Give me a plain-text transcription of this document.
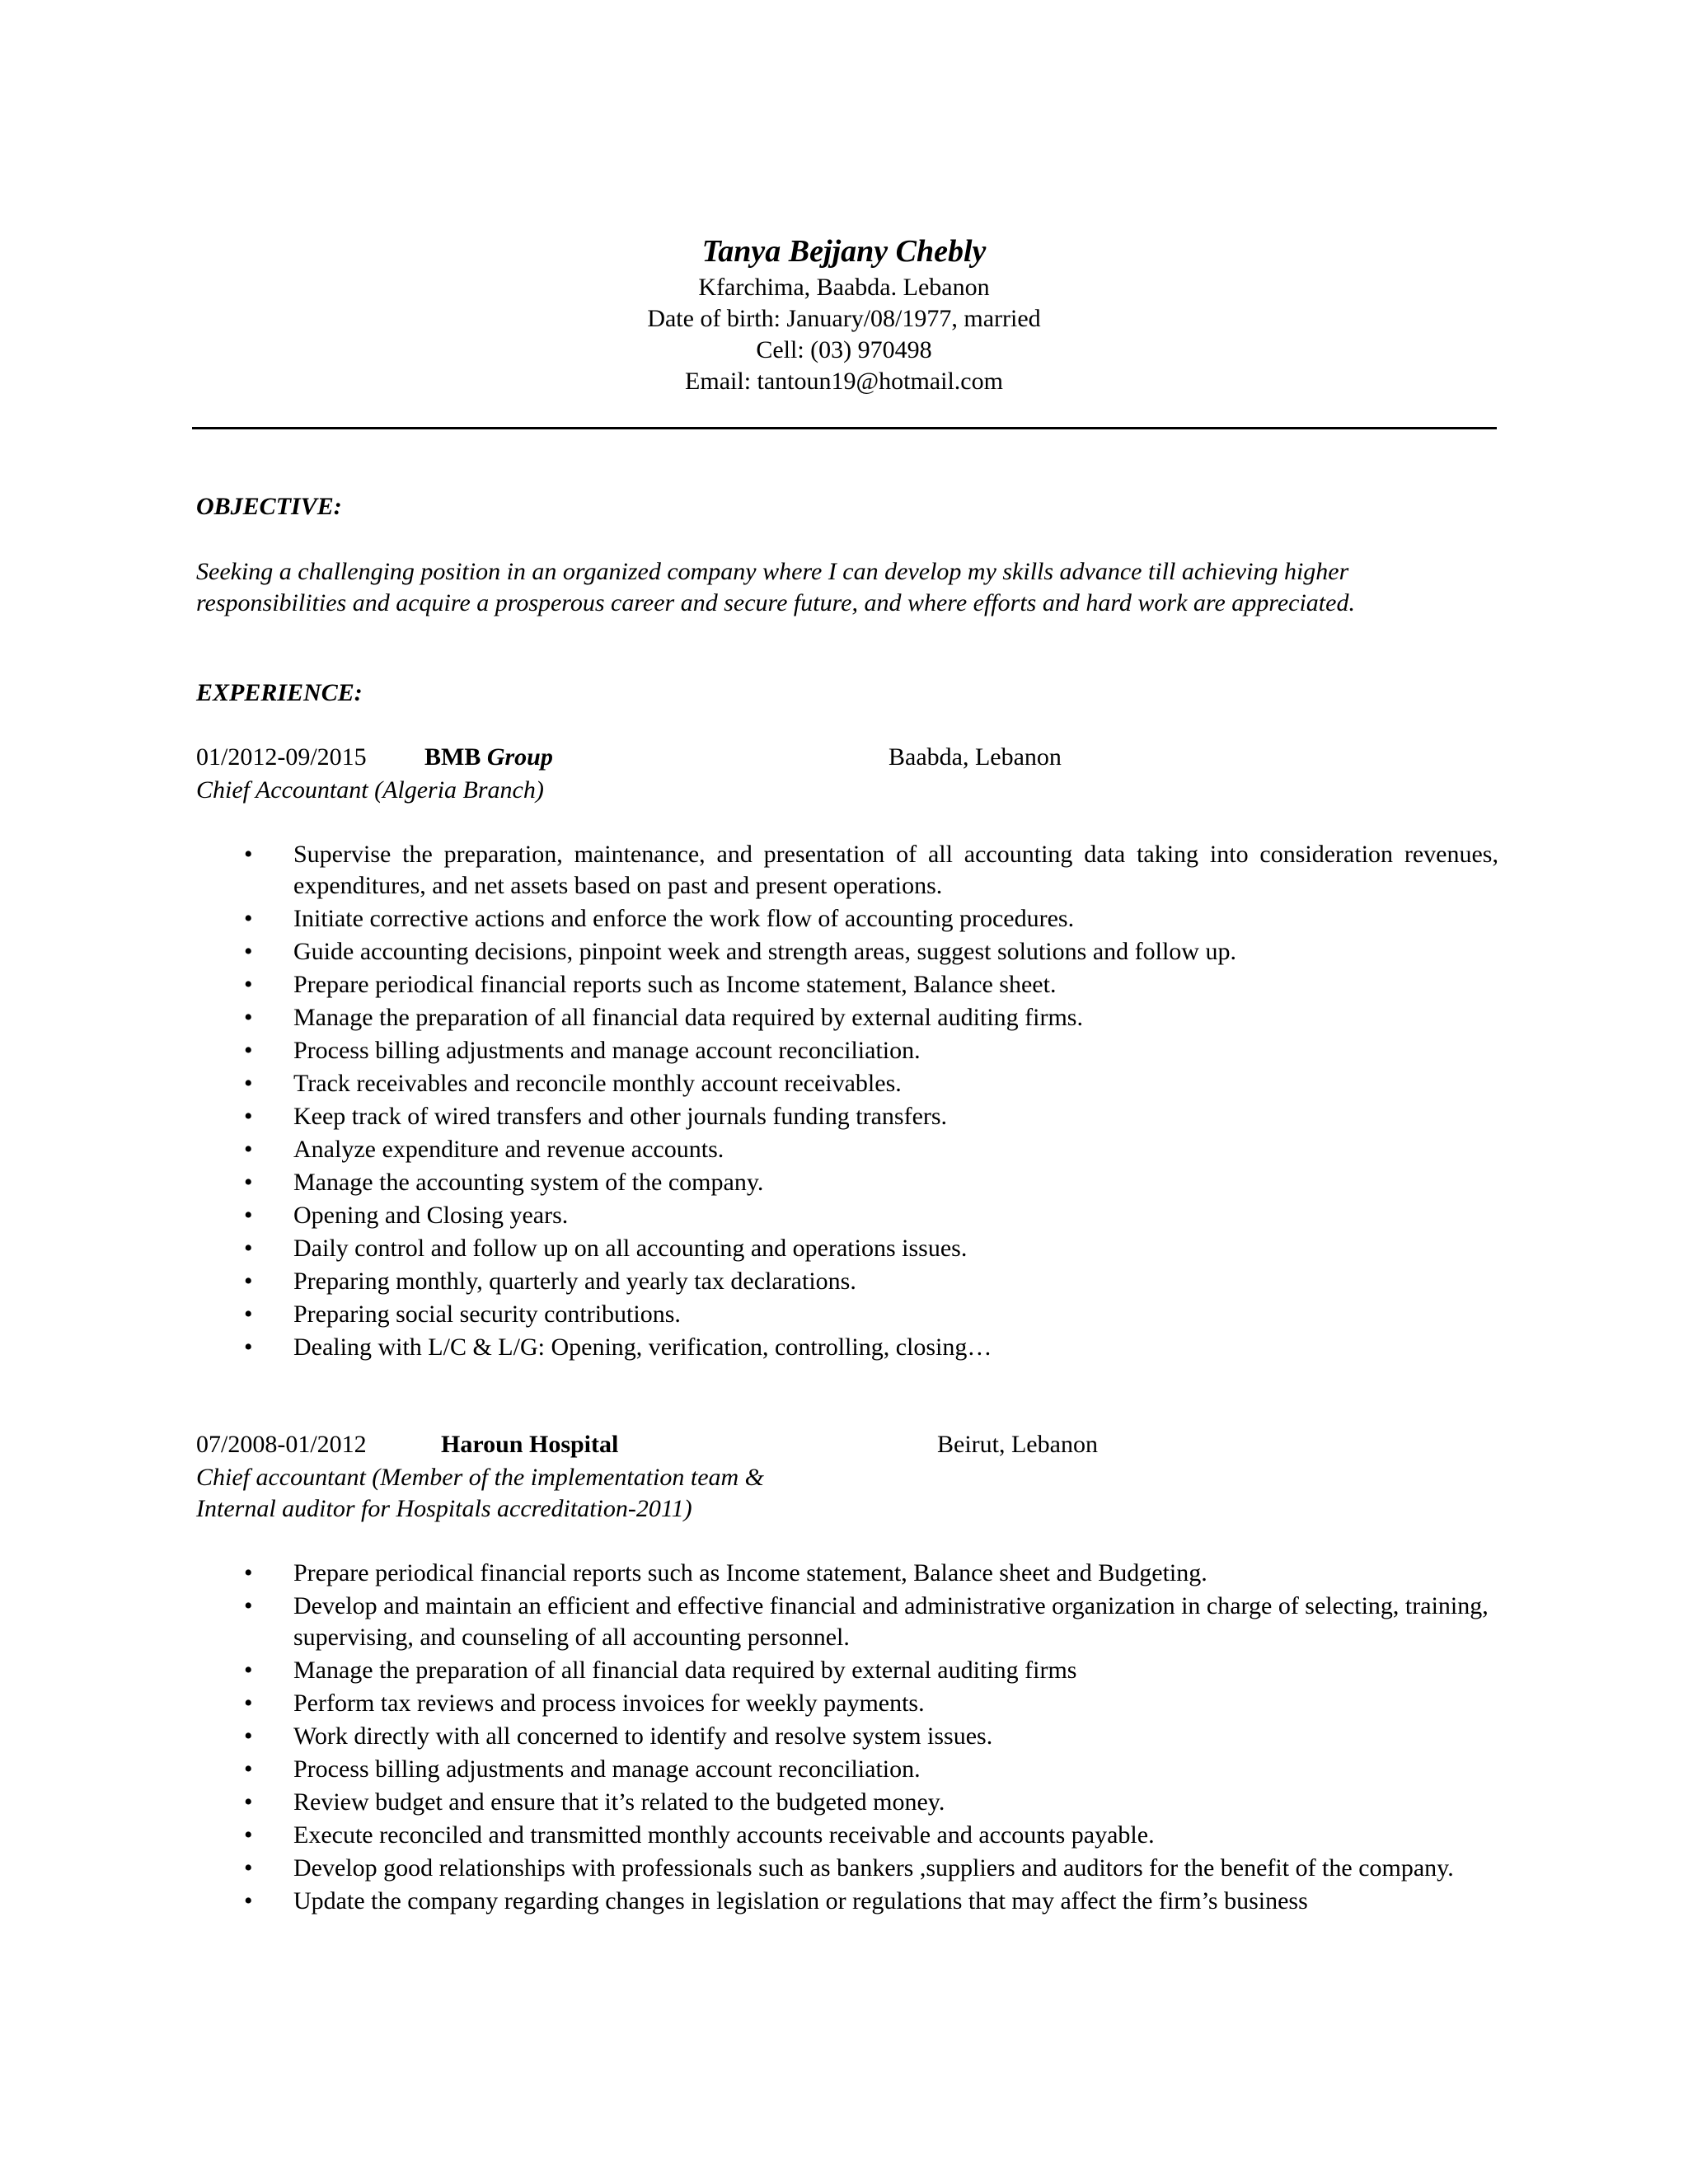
Tanya Bejjany Chebly
Kfarchima, Baabda. Lebanon
Date of birth: January/08/1977, married
Cell: (03) 970498
Email: tantoun19@hotmail.com
OBJECTIVE:
Seeking a challenging position in an organized company where I can develop my skills advance till achieving higher responsibilities and acquire a prosperous career and secure future, and where efforts and hard work are appreciated.
EXPERIENCE:
01/2012-09/2015 BMB Group	Baabda, Lebanon
Chief Accountant (Algeria Branch)
• Supervise the preparation, maintenance, and presentation of all accounting data taking into consideration revenues, expenditures, and net assets based on past and present operations.
• Initiate corrective actions and enforce the work flow of accounting procedures.
• Guide accounting decisions, pinpoint week and strength areas, suggest solutions and follow up.
• Prepare periodical financial reports such as Income statement, Balance sheet.
• Manage the preparation of all financial data required by external auditing firms.
• Process billing adjustments and manage account reconciliation.
• Track receivables and reconcile monthly account receivables.
• Keep track of wired transfers and other journals funding transfers.
• Analyze expenditure and revenue accounts.
• Manage the accounting system of the company.
• Opening and Closing years.
• Daily control and follow up on all accounting and operations issues.
• Preparing monthly, quarterly and yearly tax declarations.
• Preparing social security contributions.
• Dealing with L/C & L/G: Opening, verification, controlling, closing…
07/2008-01/2012	Haroun Hospital	Beirut, Lebanon
Chief accountant (Member of the implementation team &
Internal auditor for Hospitals accreditation-2011)
• Prepare periodical financial reports such as Income statement, Balance sheet and Budgeting.
• Develop and maintain an efficient and effective financial and administrative organization in charge of selecting, training, supervising, and counseling of all accounting personnel.
• Manage the preparation of all financial data required by external auditing firms
• Perform tax reviews and process invoices for weekly payments.
• Work directly with all concerned to identify and resolve system issues.
• Process billing adjustments and manage account reconciliation.
• Review budget and ensure that it’s related to the budgeted money.
• Execute reconciled and transmitted monthly accounts receivable and accounts payable.
• Develop good relationships with professionals such as bankers ,suppliers and auditors for the benefit of the company.
• Update the company regarding changes in legislation or regulations that may affect the firm’s business
